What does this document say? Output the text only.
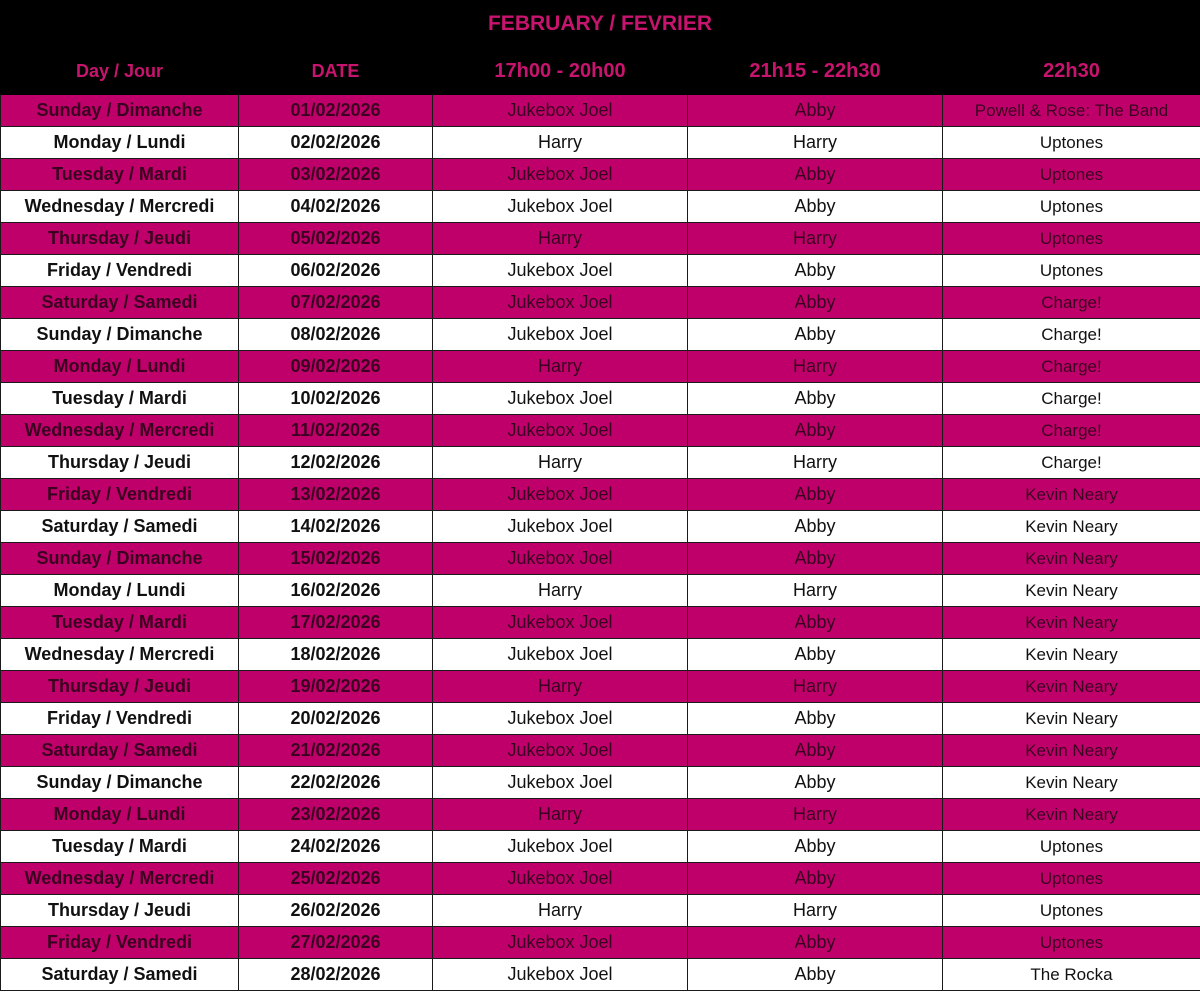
FEBRUARY / FEVRIER
Day / Jour	DATE	17h00 - 20h00	21h15 - 22h30	22h30
Sunday / Dimanche	01/02/2026	Jukebox Joel	Abby	Powell & Rose: The Band
Monday / Lundi	02/02/2026	Harry	Harry	Uptones
Tuesday / Mardi	03/02/2026	Jukebox Joel	Abby	Uptones
Wednesday / Mercredi	04/02/2026	Jukebox Joel	Abby	Uptones
Thursday / Jeudi	05/02/2026	Harry	Harry	Uptones
Friday / Vendredi	06/02/2026	Jukebox Joel	Abby	Uptones
Saturday / Samedi	07/02/2026	Jukebox Joel	Abby	Charge!
Sunday / Dimanche	08/02/2026	Jukebox Joel	Abby	Charge!
Monday / Lundi	09/02/2026	Harry	Harry	Charge!
Tuesday / Mardi	10/02/2026	Jukebox Joel	Abby	Charge!
Wednesday / Mercredi	11/02/2026	Jukebox Joel	Abby	Charge!
Thursday / Jeudi	12/02/2026	Harry	Harry	Charge!
Friday / Vendredi	13/02/2026	Jukebox Joel	Abby	Kevin Neary
Saturday / Samedi	14/02/2026	Jukebox Joel	Abby	Kevin Neary
Sunday / Dimanche	15/02/2026	Jukebox Joel	Abby	Kevin Neary
Monday / Lundi	16/02/2026	Harry	Harry	Kevin Neary
Tuesday / Mardi	17/02/2026	Jukebox Joel	Abby	Kevin Neary
Wednesday / Mercredi	18/02/2026	Jukebox Joel	Abby	Kevin Neary
Thursday / Jeudi	19/02/2026	Harry	Harry	Kevin Neary
Friday / Vendredi	20/02/2026	Jukebox Joel	Abby	Kevin Neary
Saturday / Samedi	21/02/2026	Jukebox Joel	Abby	Kevin Neary
Sunday / Dimanche	22/02/2026	Jukebox Joel	Abby	Kevin Neary
Monday / Lundi	23/02/2026	Harry	Harry	Kevin Neary
Tuesday / Mardi	24/02/2026	Jukebox Joel	Abby	Uptones
Wednesday / Mercredi	25/02/2026	Jukebox Joel	Abby	Uptones
Thursday / Jeudi	26/02/2026	Harry	Harry	Uptones
Friday / Vendredi	27/02/2026	Jukebox Joel	Abby	Uptones
Saturday / Samedi	28/02/2026	Jukebox Joel	Abby	The Rocka
